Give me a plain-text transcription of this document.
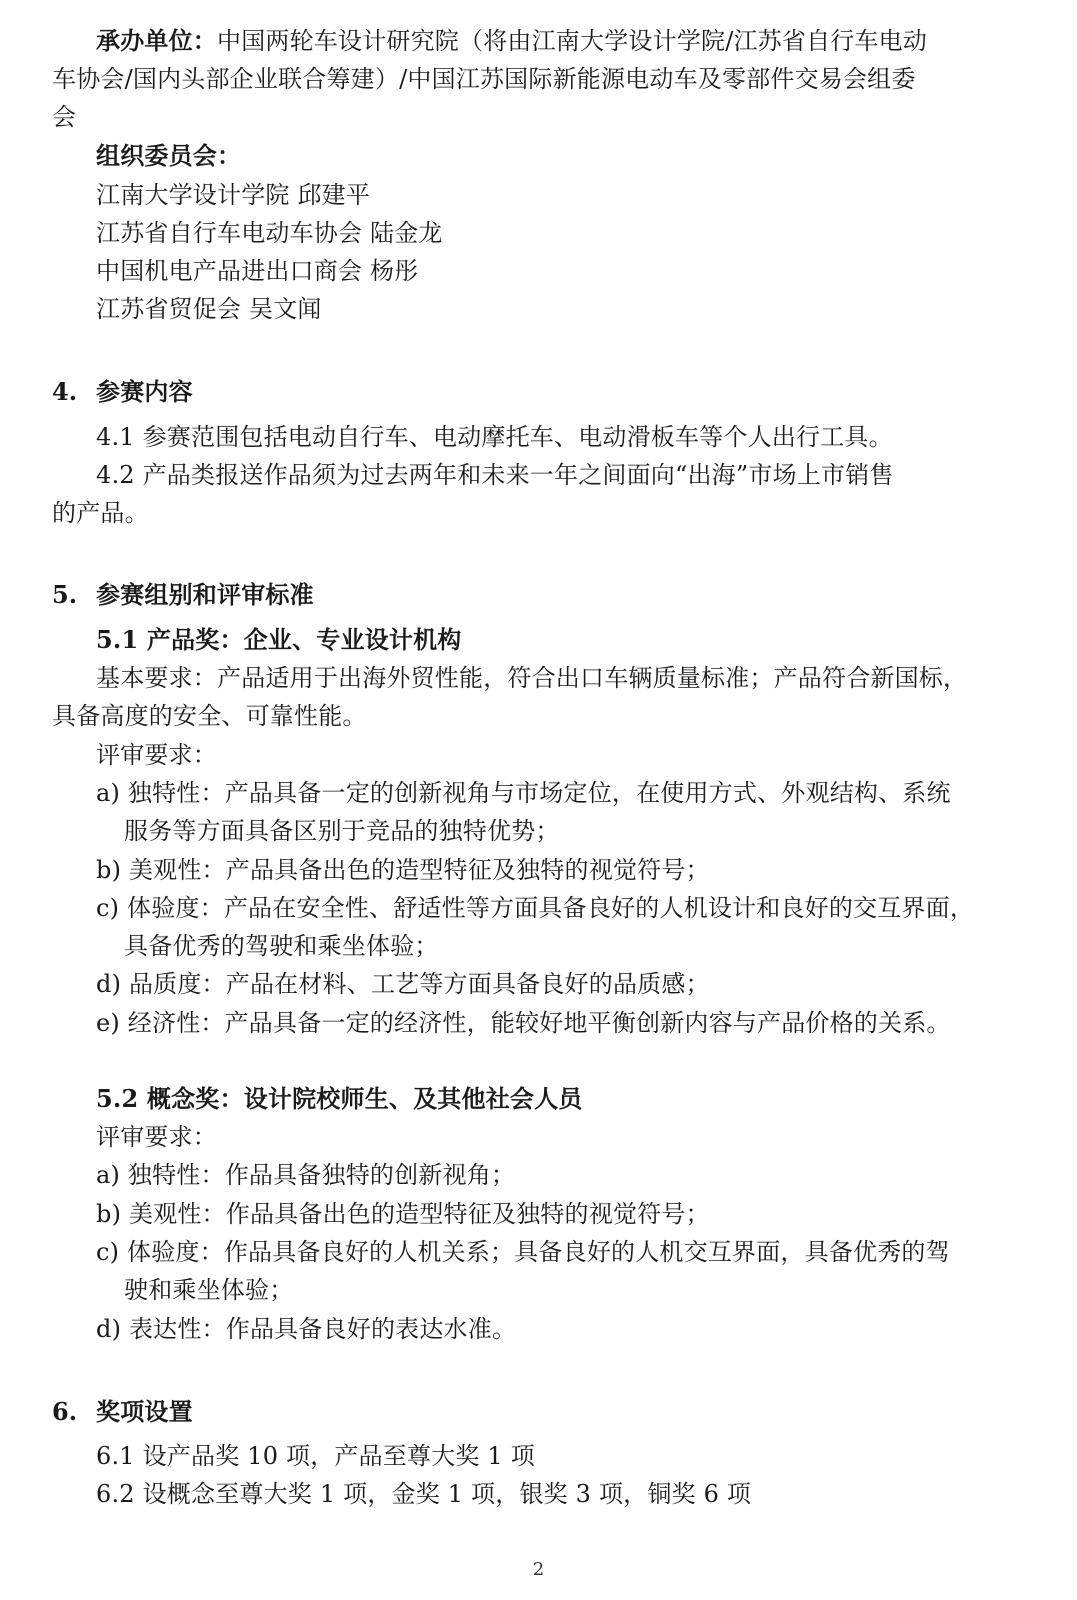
承办单位：中国两轮车设计研究院（将由江南大学设计学院/江苏省自行车电动
车协会/国内头部企业联合筹建）/中国江苏国际新能源电动车及零部件交易会组委
会
组织委员会：
江南大学设计学院 邱建平
江苏省自行车电动车协会 陆金龙
中国机电产品进出口商会 杨彤
江苏省贸促会 吴文闻
4. 参赛内容
4.1 参赛范围包括电动自行车、电动摩托车、电动滑板车等个人出行工具。
4.2 产品类报送作品须为过去两年和未来一年之间面向“出海”市场上市销售
的产品。
5. 参赛组别和评审标准
5.1 产品奖：企业、专业设计机构
基本要求：产品适用于出海外贸性能，符合出口车辆质量标准；产品符合新国标，
具备高度的安全、可靠性能。
评审要求：
a) 独特性：产品具备一定的创新视角与市场定位，在使用方式、外观结构、系统
服务等方面具备区别于竞品的独特优势；
b) 美观性：产品具备出色的造型特征及独特的视觉符号；
c) 体验度：产品在安全性、舒适性等方面具备良好的人机设计和良好的交互界面，
具备优秀的驾驶和乘坐体验；
d) 品质度：产品在材料、工艺等方面具备良好的品质感；
e) 经济性：产品具备一定的经济性，能较好地平衡创新内容与产品价格的关系。
5.2 概念奖：设计院校师生、及其他社会人员
评审要求：
a) 独特性：作品具备独特的创新视角；
b) 美观性：作品具备出色的造型特征及独特的视觉符号；
c) 体验度：作品具备良好的人机关系；具备良好的人机交互界面，具备优秀的驾
驶和乘坐体验；
d) 表达性：作品具备良好的表达水准。
6. 奖项设置
6.1 设产品奖 10 项，产品至尊大奖 1 项
6.2 设概念至尊大奖 1 项，金奖 1 项，银奖 3 项，铜奖 6 项
2
